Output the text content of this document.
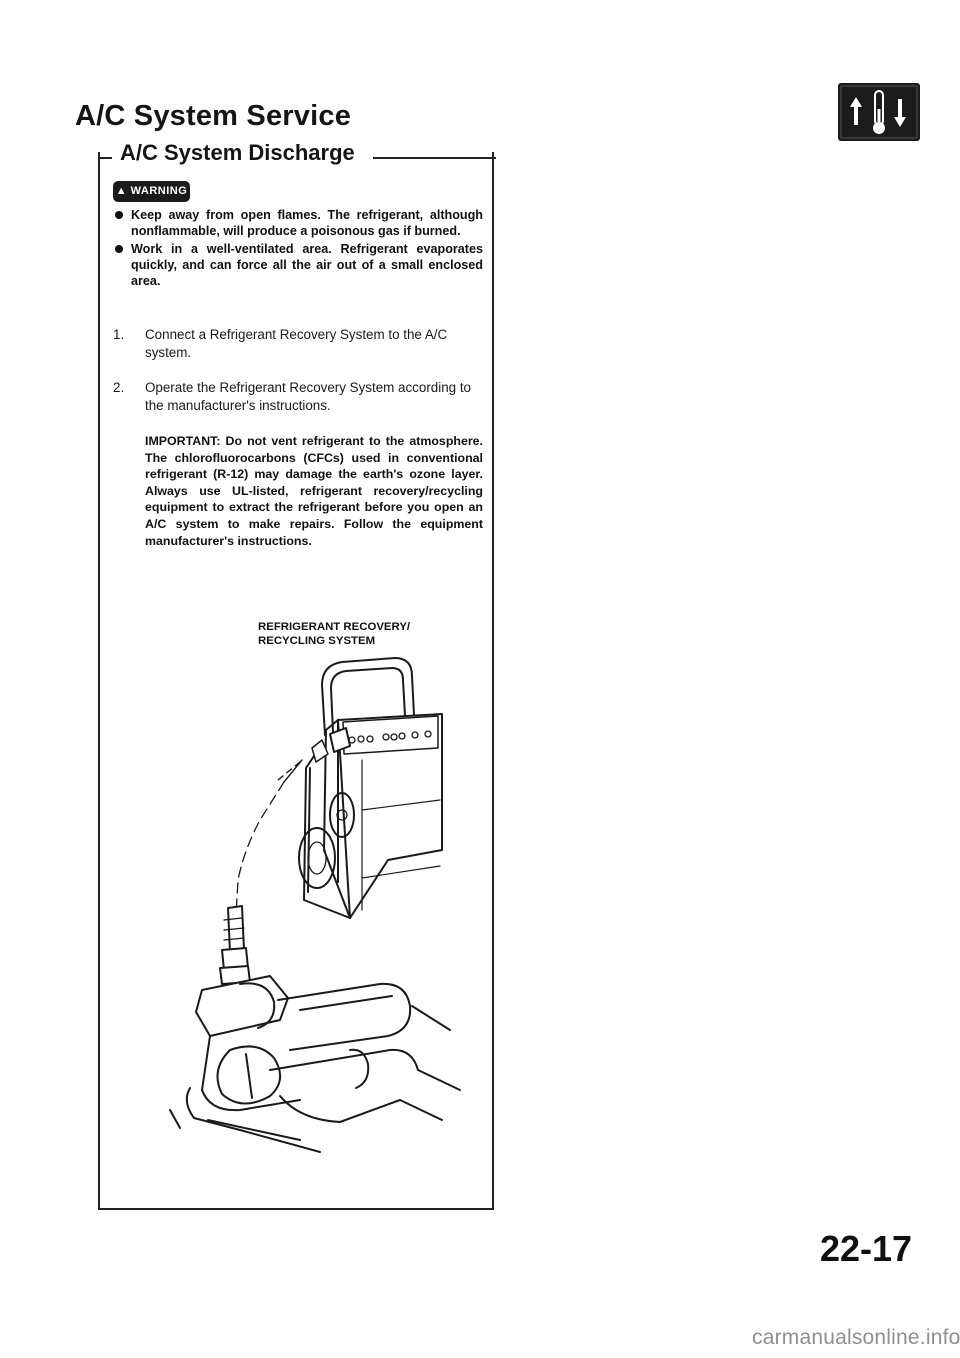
A/C System Service
A/C System Discharge
▲ WARNING
Keep away from open flames. The refrigerant, although nonflammable, will produce a poisonous gas if burned.
Work in a well-ventilated area. Refrigerant evaporates quickly, and can force all the air out of a small enclosed area.
1. Connect a Refrigerant Recovery System to the A/C system.
2. Operate the Refrigerant Recovery System according to the manufacturer's instructions.
IMPORTANT: Do not vent refrigerant to the atmosphere. The chlorofluorocarbons (CFCs) used in conventional refrigerant (R-12) may damage the earth's ozone layer. Always use UL-listed, refrigerant recovery/recycling equipment to extract the refrigerant before you open an A/C system to make repairs. Follow the equipment manufacturer's instructions.
REFRIGERANT RECOVERY/
RECYCLING SYSTEM
22-17
carmanualsonline.info
